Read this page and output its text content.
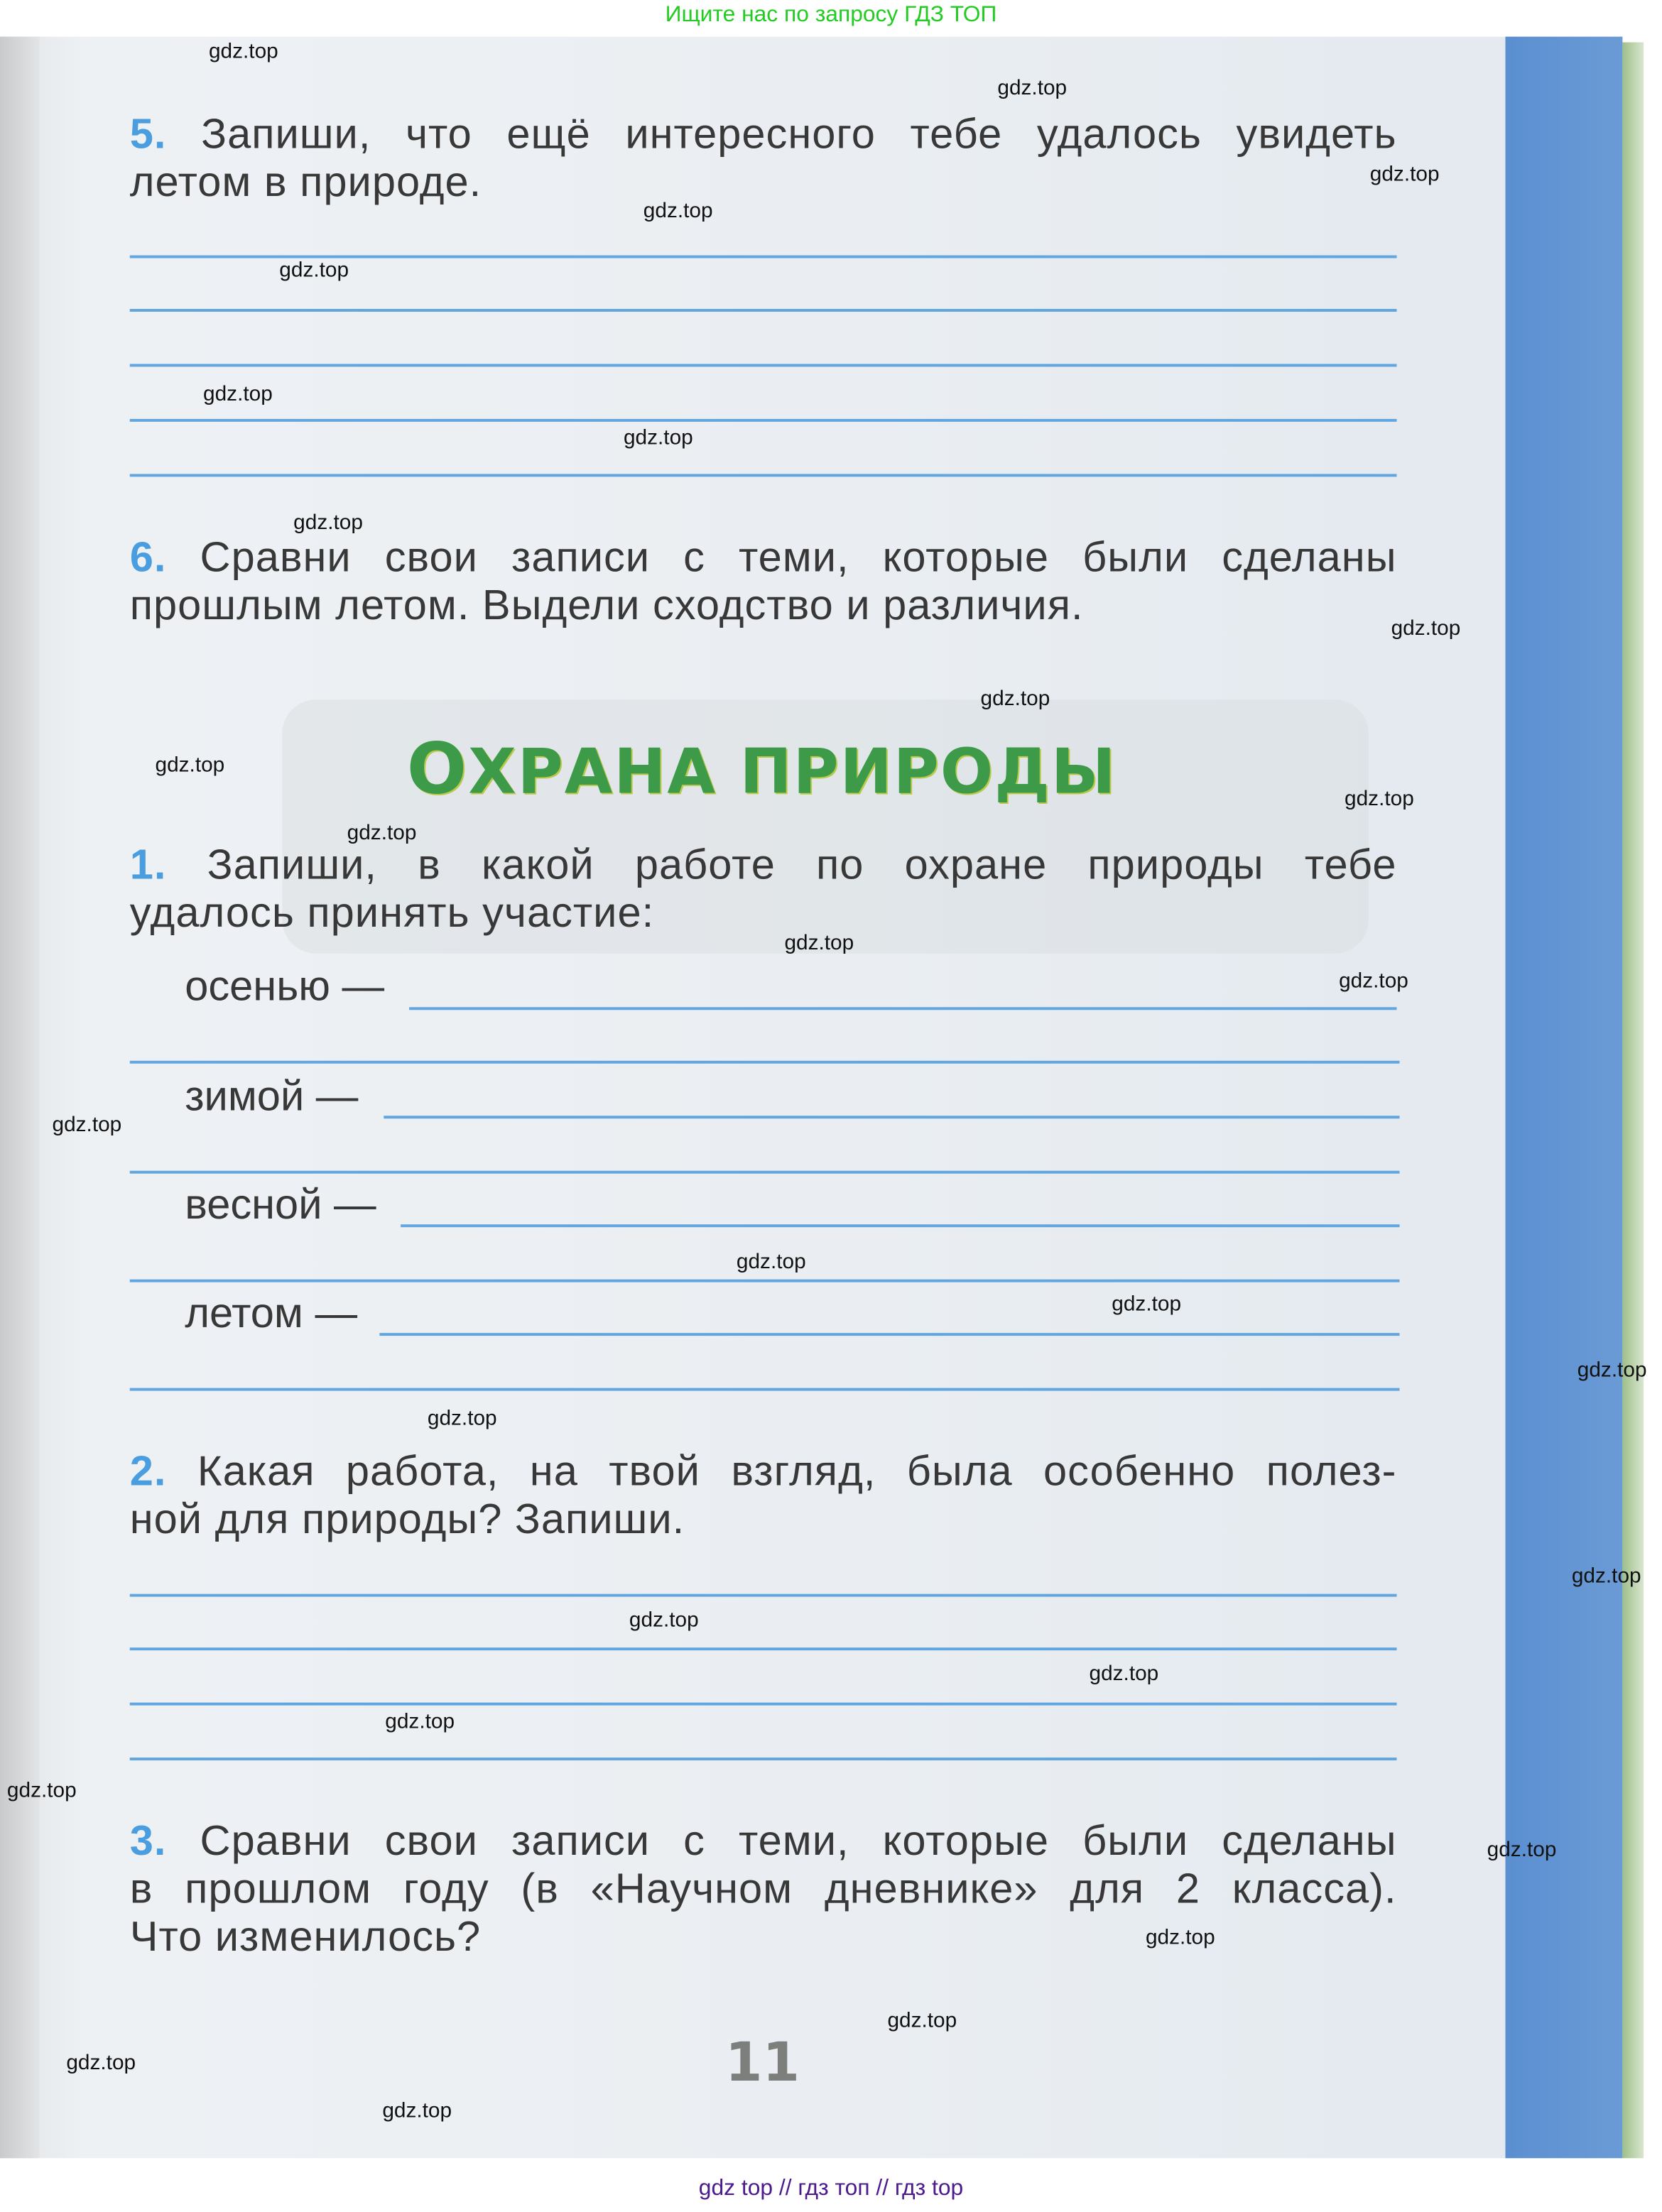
Ищите нас по запросу ГДЗ ТОП
5. Запиши, что ещё интересного тебе удалось увидеть
летом в природе.
6. Сравни свои записи с теми, которые были сделаны
прошлым летом. Выдели сходство и различия.
ОХРАНА ПРИРОДЫ
1. Запиши, в какой работе по охране природы тебе
удалось принять участие:
осенью —
зимой —
весной —
летом —
2. Какая работа, на твой взгляд, была особенно полез-
ной для природы? Запиши.
3. Сравни свои записи с теми, которые были сделаны
в прошлом году (в «Научном дневнике» для 2 класса).
Что изменилось?
11
gdz.top
gdz.top
gdz.top
gdz.top
gdz.top
gdz.top
gdz.top
gdz.top
gdz.top
gdz.top
gdz.top
gdz.top
gdz.top
gdz.top
gdz.top
gdz.top
gdz.top
gdz.top
gdz.top
gdz.top
gdz.top
gdz.top
gdz.top
gdz.top
gdz.top
gdz.top
gdz.top
gdz.top
gdz.top
gdz.top
gdz top // гдз топ // гдз top
